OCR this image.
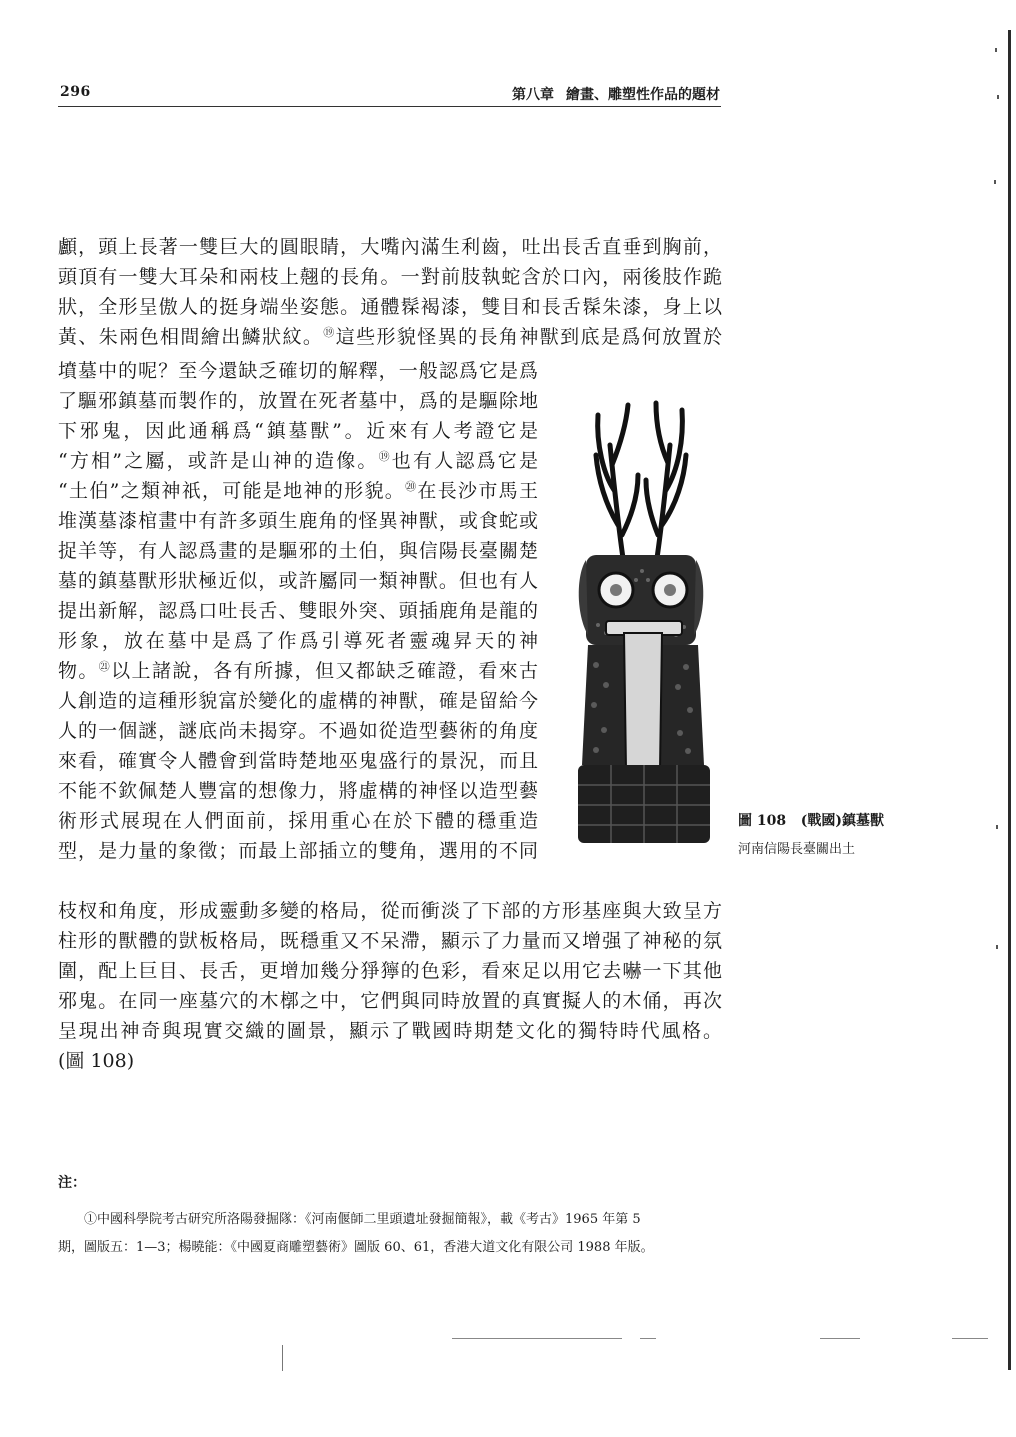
296	第八章 繪畫、雕塑性作品的題材
顱，頭上長著一雙巨大的圓眼睛，大嘴內滿生利齒，吐出長舌直垂到胸前，
頭頂有一雙大耳朵和兩枝上翹的長角。一對前肢執蛇含於口內，兩後肢作跪
狀，全形呈傲人的挺身端坐姿態。通體髹褐漆，雙目和長舌髹朱漆，身上以
黃、朱兩色相間繪出鱗狀紋。⑲這些形貌怪異的長角神獸到底是爲何放置於
墳墓中的呢？至今還缺乏確切的解釋，一般認爲它是爲
了驅邪鎮墓而製作的，放置在死者墓中，爲的是驅除地
下邪鬼，因此通稱爲“鎮墓獸”。近來有人考證它是
“方相”之屬，或許是山神的造像。⑲也有人認爲它是
“土伯”之類神祇，可能是地神的形貌。⑳在長沙市馬王
堆漢墓漆棺畫中有許多頭生鹿角的怪異神獸，或食蛇或
捉羊等，有人認爲畫的是驅邪的土伯，與信陽長臺關楚
墓的鎮墓獸形狀極近似，或許屬同一類神獸。但也有人
提出新解，認爲口吐長舌、雙眼外突、頭插鹿角是龍的
形象，放在墓中是爲了作爲引導死者靈魂昇天的神
物。$^㉑$以上諸說，各有所據，但又都缺乏確證，看來古
人創造的這種形貌富於變化的虛構的神獸，確是留給今
人的一個謎，謎底尚未揭穿。不過如從造型藝術的角度
來看，確實令人體會到當時楚地巫鬼盛行的景況，而且
不能不欽佩楚人豐富的想像力，將虛構的神怪以造型藝
術形式展現在人們面前，採用重心在於下體的穩重造
型，是力量的象徵；而最上部插立的雙角，選用的不同
枝杈和角度，形成靈動多變的格局，從而衝淡了下部的方形基座與大致呈方
柱形的獸體的獃板格局，既穩重又不呆滯，顯示了力量而又增强了神秘的氛
圍，配上巨目、長舌，更增加幾分猙獰的色彩，看來足以用它去嚇一下其他
邪鬼。在同一座墓穴的木槨之中，它們與同時放置的真實擬人的木俑，再次
呈現出神奇與現實交織的圖景，顯示了戰國時期楚文化的獨特時代風格。
(圖 108)
圖 108 (戰國)鎮墓獸
河南信陽長臺關出土
注：
①中國科學院考古研究所洛陽發掘隊：《河南偃師二里頭遺址發掘簡報》，載《考古》1965 年第 5
期，圖版五：1—3；楊曉能：《中國夏商雕塑藝術》圖版 60、61，香港大道文化有限公司 1988 年版。
